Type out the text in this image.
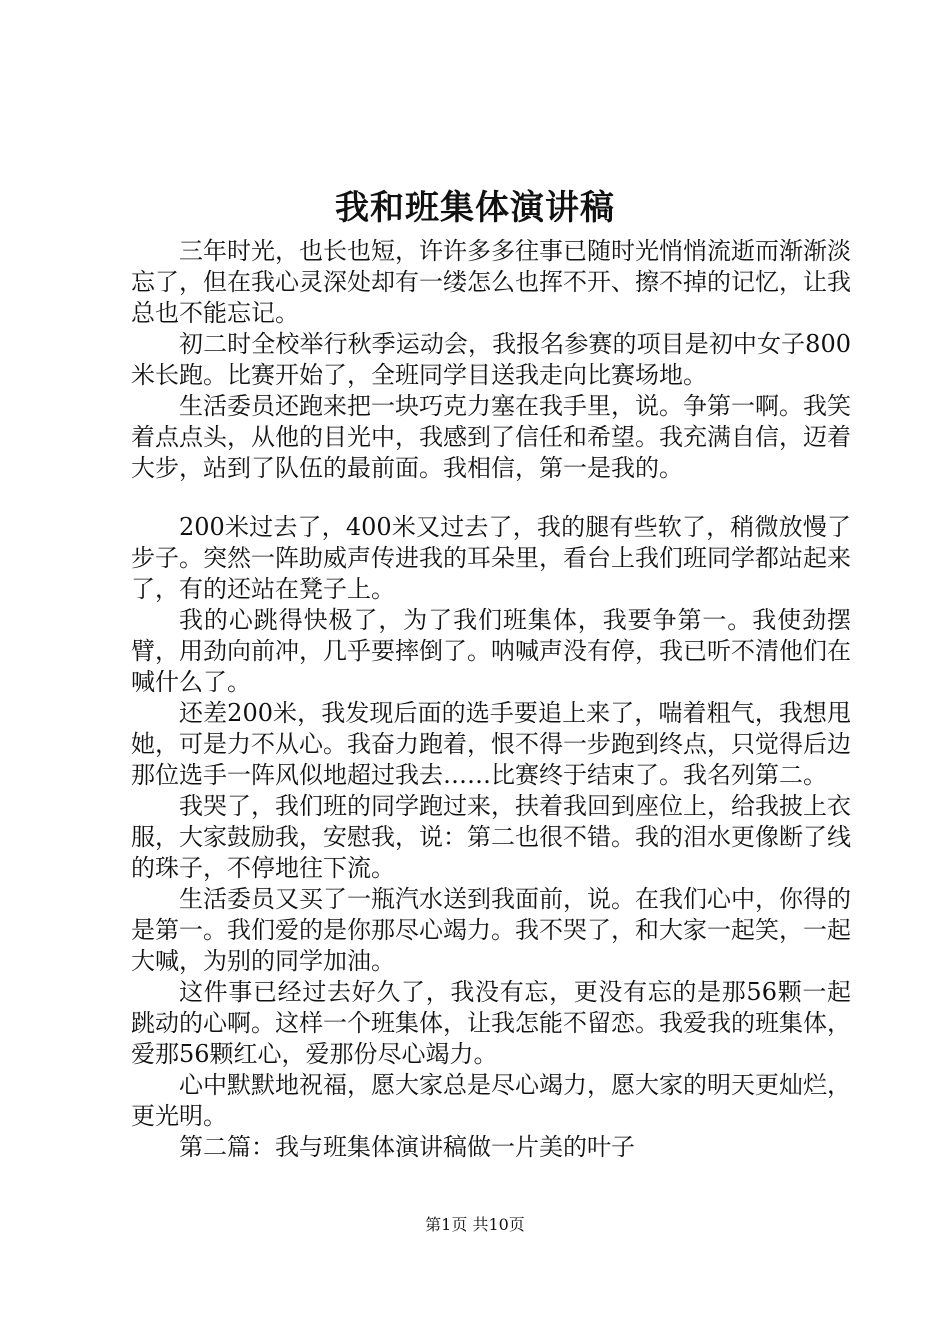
我和班集体演讲稿

三年时光，也长也短，许许多多往事已随时光悄悄流逝而渐渐淡忘了，但在我心灵深处却有一缕怎么也挥不开、擦不掉的记忆，让我总也不能忘记。

初二时全校举行秋季运动会，我报名参赛的项目是初中女子800米长跑。比赛开始了，全班同学目送我走向比赛场地。

生活委员还跑来把一块巧克力塞在我手里，说。争第一啊。我笑着点点头，从他的目光中，我感到了信任和希望。我充满自信，迈着大步，站到了队伍的最前面。我相信，第一是我的。

200米过去了，400米又过去了，我的腿有些软了，稍微放慢了步子。突然一阵助威声传进我的耳朵里，看台上我们班同学都站起来了，有的还站在凳子上。

我的心跳得快极了，为了我们班集体，我要争第一。我使劲摆臂，用劲向前冲，几乎要摔倒了。呐喊声没有停，我已听不清他们在喊什么了。

还差200米，我发现后面的选手要追上来了，喘着粗气，我想甩她，可是力不从心。我奋力跑着，恨不得一步跑到终点，只觉得后边那位选手一阵风似地超过我去……比赛终于结束了。我名列第二。

我哭了，我们班的同学跑过来，扶着我回到座位上，给我披上衣服，大家鼓励我，安慰我，说：第二也很不错。我的泪水更像断了线的珠子，不停地往下流。

生活委员又买了一瓶汽水送到我面前，说。在我们心中，你得的是第一。我们爱的是你那尽心竭力。我不哭了，和大家一起笑，一起大喊，为别的同学加油。

这件事已经过去好久了，我没有忘，更没有忘的是那56颗一起跳动的心啊。这样一个班集体，让我怎能不留恋。我爱我的班集体，爱那56颗红心，爱那份尽心竭力。

心中默默地祝福，愿大家总是尽心竭力，愿大家的明天更灿烂，更光明。

第二篇：我与班集体演讲稿做一片美的叶子

第1页 共10页
